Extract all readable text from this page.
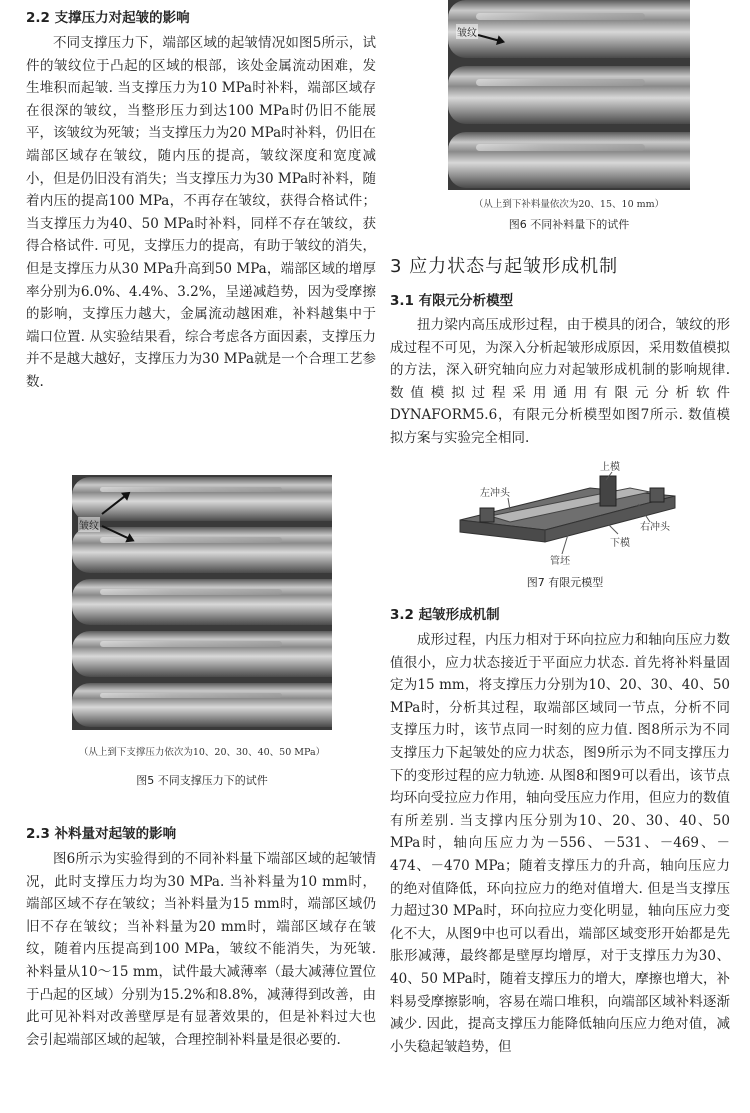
2.2 支撑压力对起皱的影响

不同支撑压力下，端部区域的起皱情况如图5所示，试件的皱纹位于凸起的区域的根部，该处金属流动困难，发生堆积而起皱. 当支撑压力为10 MPa时补料，端部区域存在很深的皱纹，当整形压力到达100 MPa时仍旧不能展平，该皱纹为死皱；当支撑压力为20 MPa时补料，仍旧在端部区域存在皱纹，随内压的提高，皱纹深度和宽度减小，但是仍旧没有消失；当支撑压力为30 MPa时补料，随着内压的提高100 MPa，不再存在皱纹，获得合格试件；当支撑压力为40、50 MPa时补料，同样不存在皱纹，获得合格试件. 可见，支撑压力的提高，有助于皱纹的消失，但是支撑压力从30 MPa升高到50 MPa，端部区域的增厚率分别为6.0%、4.4%、3.2%，呈递减趋势，因为受摩擦的影响，支撑压力越大，金属流动越困难，补料越集中于端口位置. 从实验结果看，综合考虑各方面因素，支撑压力并不是越大越好，支撑压力为30 MPa就是一个合理工艺参数.

皱纹
（从上到下支撑压力依次为10、20、30、40、50 MPa）
图5 不同支撑压力下的试件
2.3 补料量对起皱的影响

图6所示为实验得到的不同补料量下端部区域的起皱情况，此时支撑压力均为30 MPa. 当补料量为10 mm时，端部区域不存在皱纹；当补料量为15 mm时，端部区域仍旧不存在皱纹；当补料量为20 mm时，端部区域存在皱纹，随着内压提高到100 MPa，皱纹不能消失，为死皱. 补料量从10～15 mm，试件最大减薄率（最大减薄位置位于凸起的区域）分别为15.2%和8.8%，减薄得到改善，由此可见补料对改善壁厚是有显著效果的，但是补料过大也会引起端部区域的起皱，合理控制补料量是很必要的.

皱纹
（从上到下补料量依次为20、15、10 mm）
图6 不同补料量下的试件
3 应力状态与起皱形成机制
3.1 有限元分析模型

扭力梁内高压成形过程，由于模具的闭合，皱纹的形成过程不可见，为深入分析起皱形成原因，采用数值模拟的方法，深入研究轴向应力对起皱形成机制的影响规律. 数值模拟过程采用通用有限元分析软件DYNAFORM5.6，有限元分析模型如图7所示. 数值模拟方案与实验完全相同.

上模
左冲头
右冲头
下模
管坯
图7 有限元模型
3.2 起皱形成机制

成形过程，内压力相对于环向拉应力和轴向压应力数值很小，应力状态接近于平面应力状态. 首先将补料量固定为15 mm，将支撑压力分别为10、20、30、40、50 MPa时，分析其过程，取端部区域同一节点，分析不同支撑压力时，该节点同一时刻的应力值. 图8所示为不同支撑压力下起皱处的应力状态，图9所示为不同支撑压力下的变形过程的应力轨迹. 从图8和图9可以看出，该节点均环向受拉应力作用，轴向受压应力作用，但应力的数值有所差别. 当支撑内压分别为10、20、30、40、50 MPa时，轴向压应力为－556、－531、－469、－474、－470 MPa；随着支撑压力的升高，轴向压应力的绝对值降低，环向拉应力的绝对值增大. 但是当支撑压力超过30 MPa时，环向拉应力变化明显，轴向压应力变化不大，从图9中也可以看出，端部区域变形开始都是先胀形减薄，最终都是壁厚均增厚，对于支撑压力为30、40、50 MPa时，随着支撑压力的增大，摩擦也增大，补料易受摩擦影响，容易在端口堆积，向端部区域补料逐渐减少. 因此，提高支撑压力能降低轴向压应力绝对值，减小失稳起皱趋势，但
